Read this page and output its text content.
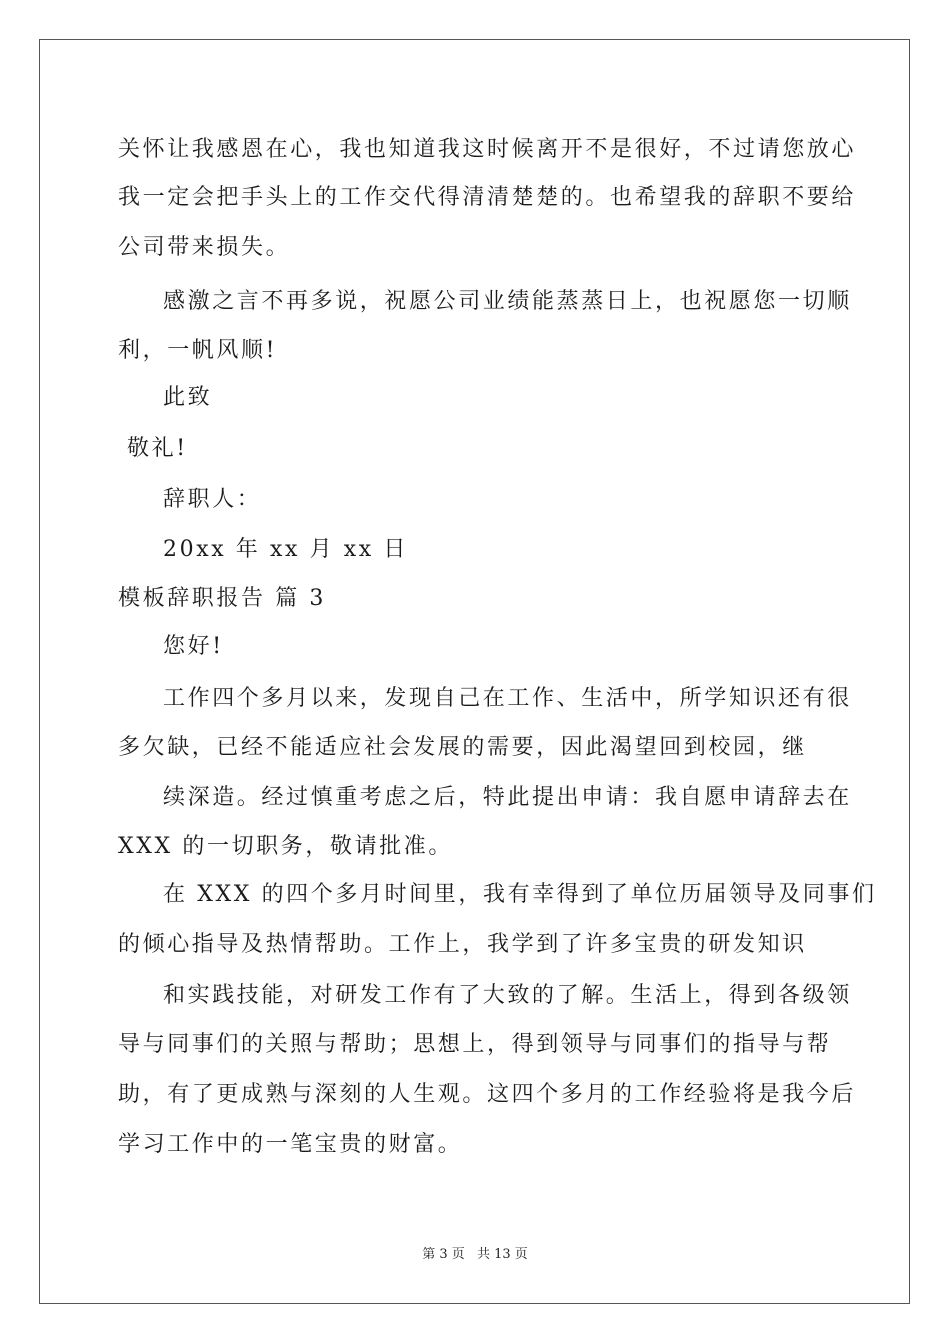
关怀让我感恩在心，我也知道我这时候离开不是很好，不过请您放心
我一定会把手头上的工作交代得清清楚楚的。也希望我的辞职不要给
公司带来损失。
感激之言不再多说，祝愿公司业绩能蒸蒸日上，也祝愿您一切顺
利，一帆风顺!
此致
敬礼!
辞职人：
20xx 年 xx 月 xx 日
模板辞职报告 篇 3
您好!
工作四个多月以来，发现自己在工作、生活中，所学知识还有很
多欠缺，已经不能适应社会发展的需要，因此渴望回到校园，继
续深造。经过慎重考虑之后，特此提出申请：我自愿申请辞去在
XXX 的一切职务，敬请批准。
在 XXX 的四个多月时间里，我有幸得到了单位历届领导及同事们
的倾心指导及热情帮助。工作上，我学到了许多宝贵的研发知识
和实践技能，对研发工作有了大致的了解。生活上，得到各级领
导与同事们的关照与帮助；思想上，得到领导与同事们的指导与帮
助，有了更成熟与深刻的人生观。这四个多月的工作经验将是我今后
学习工作中的一笔宝贵的财富。
第 3 页 共 13 页
